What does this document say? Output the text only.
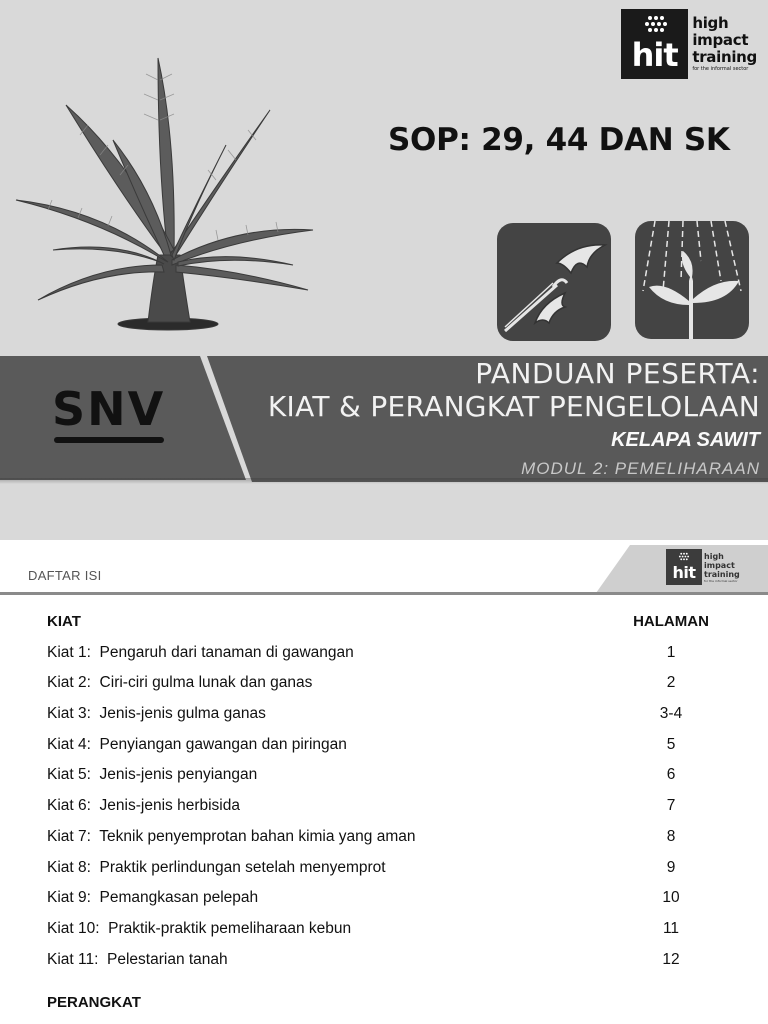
hit
high
impact
training
for the informal sector
SOP: 29, 44 DAN SK
SNV
PANDUAN PESERTA:
KIAT & PERANGKAT PENGELOLAAN
KELAPA SAWIT
MODUL 2: PEMELIHARAAN
DAFTAR ISI	hit
high
impact
training
for the informal sector
KIAT	HALAMAN
Kiat 1:  Pengaruh dari tanaman di gawangan	1
Kiat 2:  Ciri-ciri gulma lunak dan ganas	2
Kiat 3:  Jenis-jenis gulma ganas	3-4
Kiat 4:  Penyiangan gawangan dan piringan	5
Kiat 5:  Jenis-jenis penyiangan	6
Kiat 6:  Jenis-jenis herbisida	7
Kiat 7:  Teknik penyemprotan bahan kimia yang aman	8
Kiat 8:  Praktik perlindungan setelah menyemprot	9
Kiat 9:  Pemangkasan pelepah	10
Kiat 10:  Praktik-praktik pemeliharaan kebun	11
Kiat 11:  Pelestarian tanah	12
PERANGKAT
